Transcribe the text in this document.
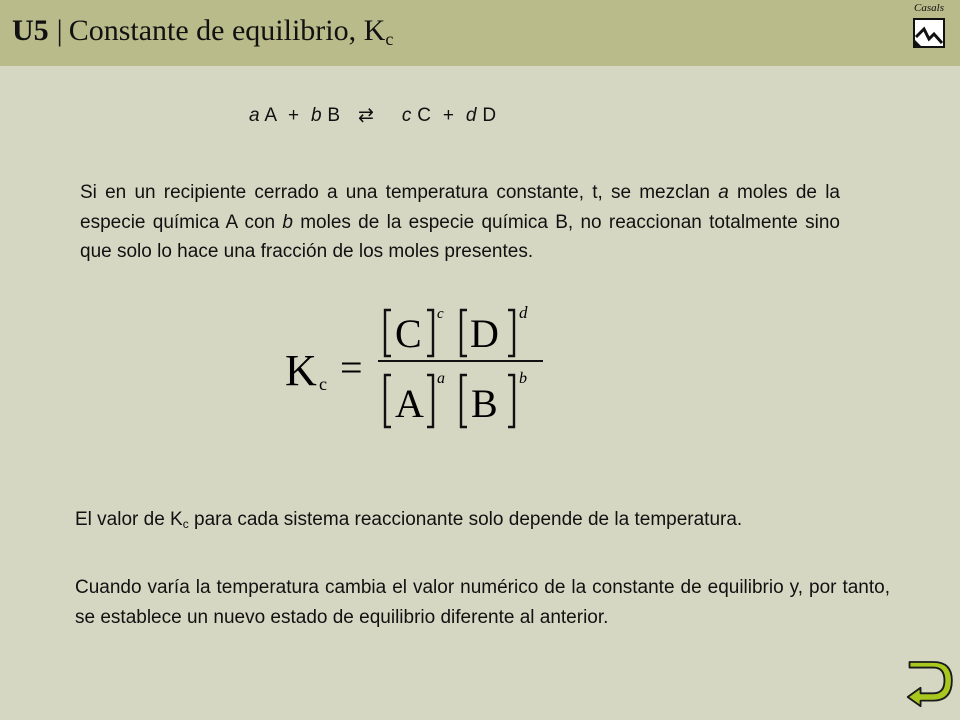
U5 | Constante de equilibrio, $K_c$
Casals
a A + b B ⇄ c C + d D

Si en un recipiente cerrado a una temperatura constante, t, se mezclan a moles de la especie química A con b moles de la especie química B, no reaccionan totalmente sino que solo lo hace una fracción de los moles presentes.

K c =
C c D d
A
a
B
b

El valor de $K_c$ para cada sistema reaccionante solo depende de la temperatura.

Cuando varía la temperatura cambia el valor numérico de la constante de equilibrio y, por tanto, se establece un nuevo estado de equilibrio diferente al anterior.
